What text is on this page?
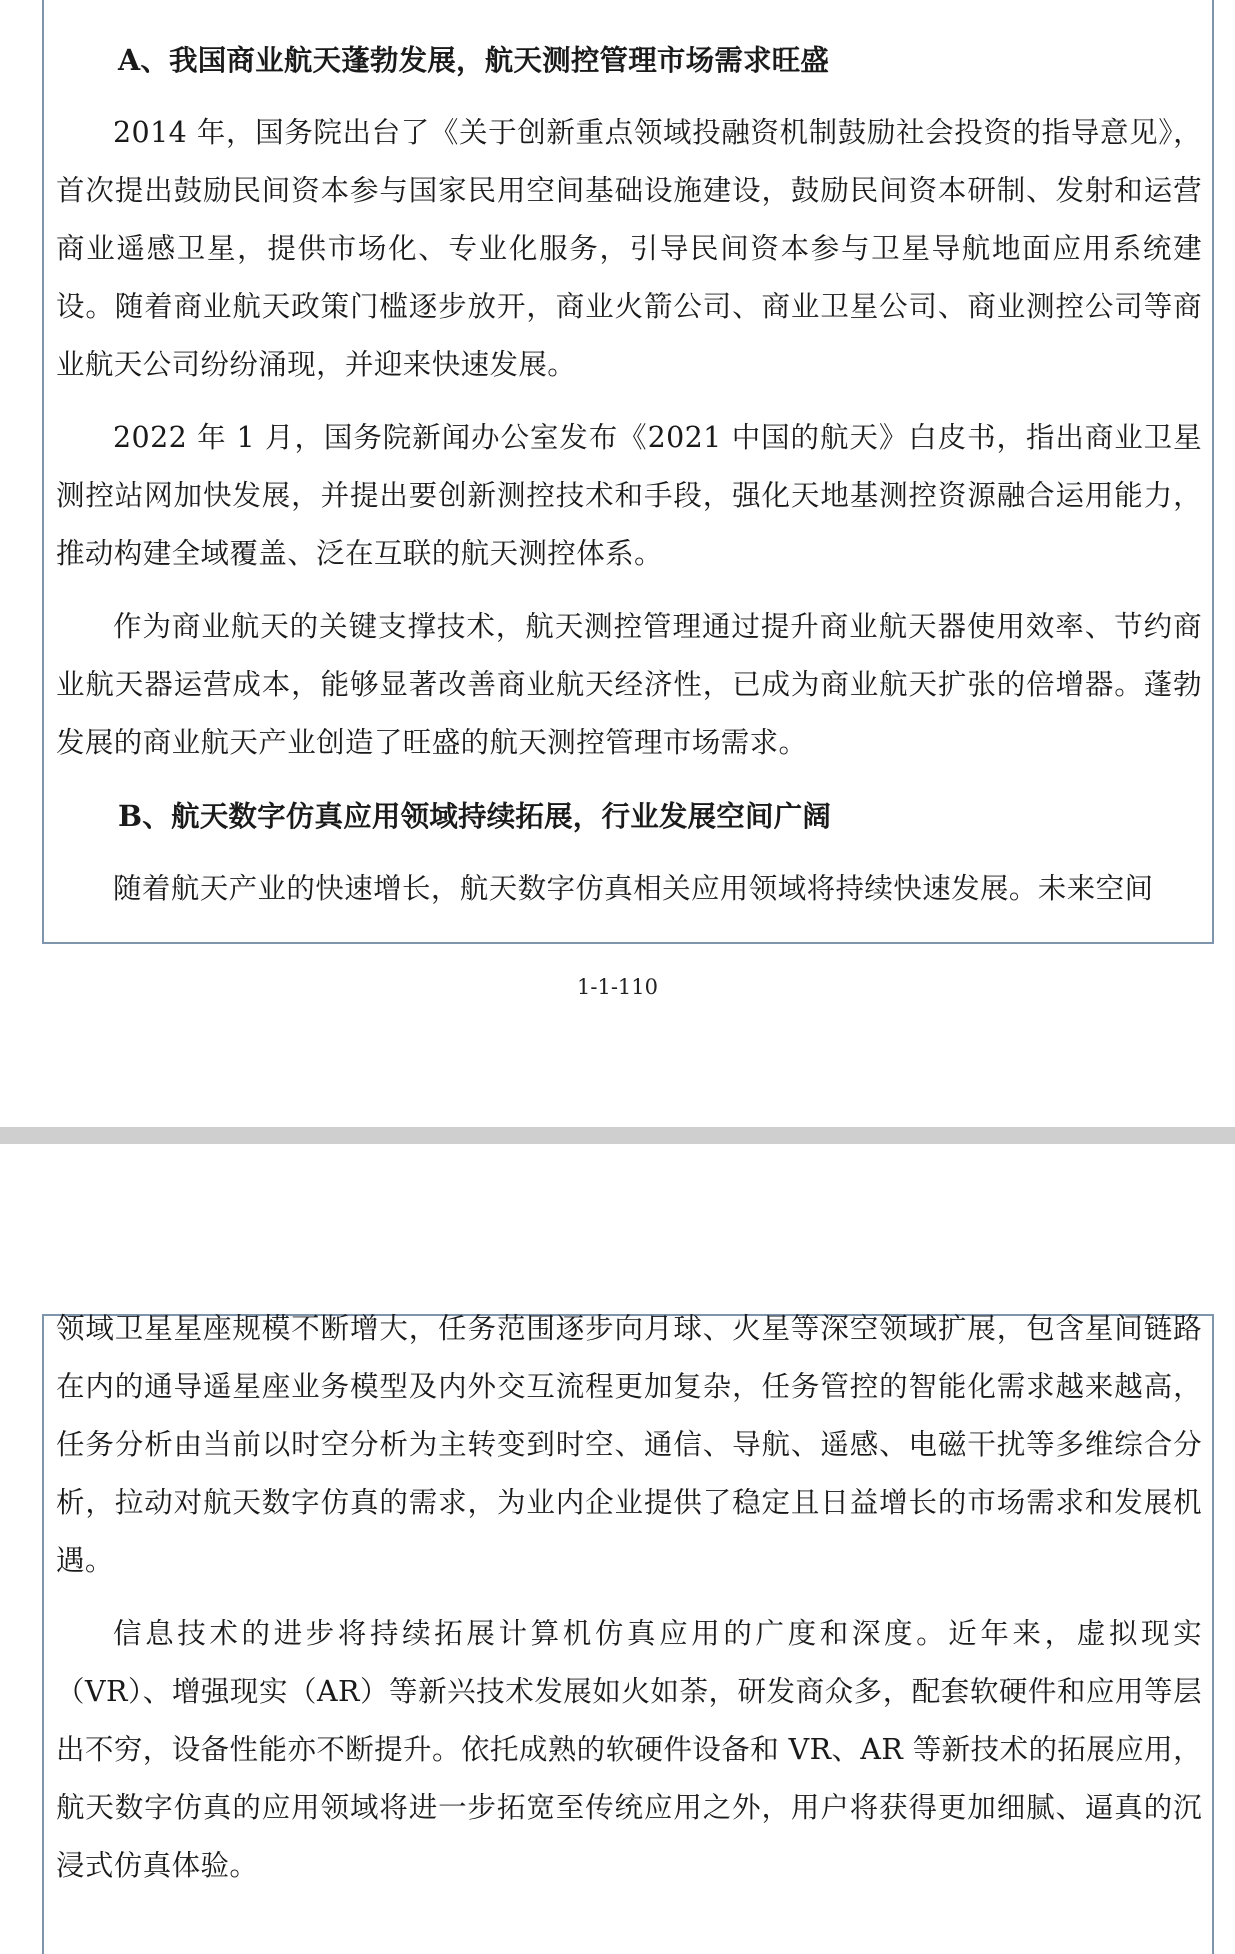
A、我国商业航天蓬勃发展，航天测控管理市场需求旺盛

2014 年，国务院出台了《关于创新重点领域投融资机制鼓励社会投资的指导意见》，首次提出鼓励民间资本参与国家民用空间基础设施建设，鼓励民间资本研制、发射和运营商业遥感卫星，提供市场化、专业化服务，引导民间资本参与卫星导航地面应用系统建设。随着商业航天政策门槛逐步放开，商业火箭公司、商业卫星公司、商业测控公司等商业航天公司纷纷涌现，并迎来快速发展。

2022 年 1 月，国务院新闻办公室发布《2021 中国的航天》白皮书，指出商业卫星测控站网加快发展，并提出要创新测控技术和手段，强化天地基测控资源融合运用能力，推动构建全域覆盖、泛在互联的航天测控体系。

作为商业航天的关键支撑技术，航天测控管理通过提升商业航天器使用效率、节约商业航天器运营成本，能够显著改善商业航天经济性，已成为商业航天扩张的倍增器。蓬勃发展的商业航天产业创造了旺盛的航天测控管理市场需求。

B、航天数字仿真应用领域持续拓展，行业发展空间广阔

随着航天产业的快速增长，航天数字仿真相关应用领域将持续快速发展。未来空间

1-1-110

领域卫星星座规模不断增大，任务范围逐步向月球、火星等深空领域扩展，包含星间链路在内的通导遥星座业务模型及内外交互流程更加复杂，任务管控的智能化需求越来越高，任务分析由当前以时空分析为主转变到时空、通信、导航、遥感、电磁干扰等多维综合分析，拉动对航天数字仿真的需求，为业内企业提供了稳定且日益增长的市场需求和发展机遇。

信息技术的进步将持续拓展计算机仿真应用的广度和深度。近年来，虚拟现实（VR）、增强现实（AR）等新兴技术发展如火如荼，研发商众多，配套软硬件和应用等层出不穷，设备性能亦不断提升。依托成熟的软硬件设备和 VR、AR 等新技术的拓展应用，航天数字仿真的应用领域将进一步拓宽至传统应用之外，用户将获得更加细腻、逼真的沉浸式仿真体验。
